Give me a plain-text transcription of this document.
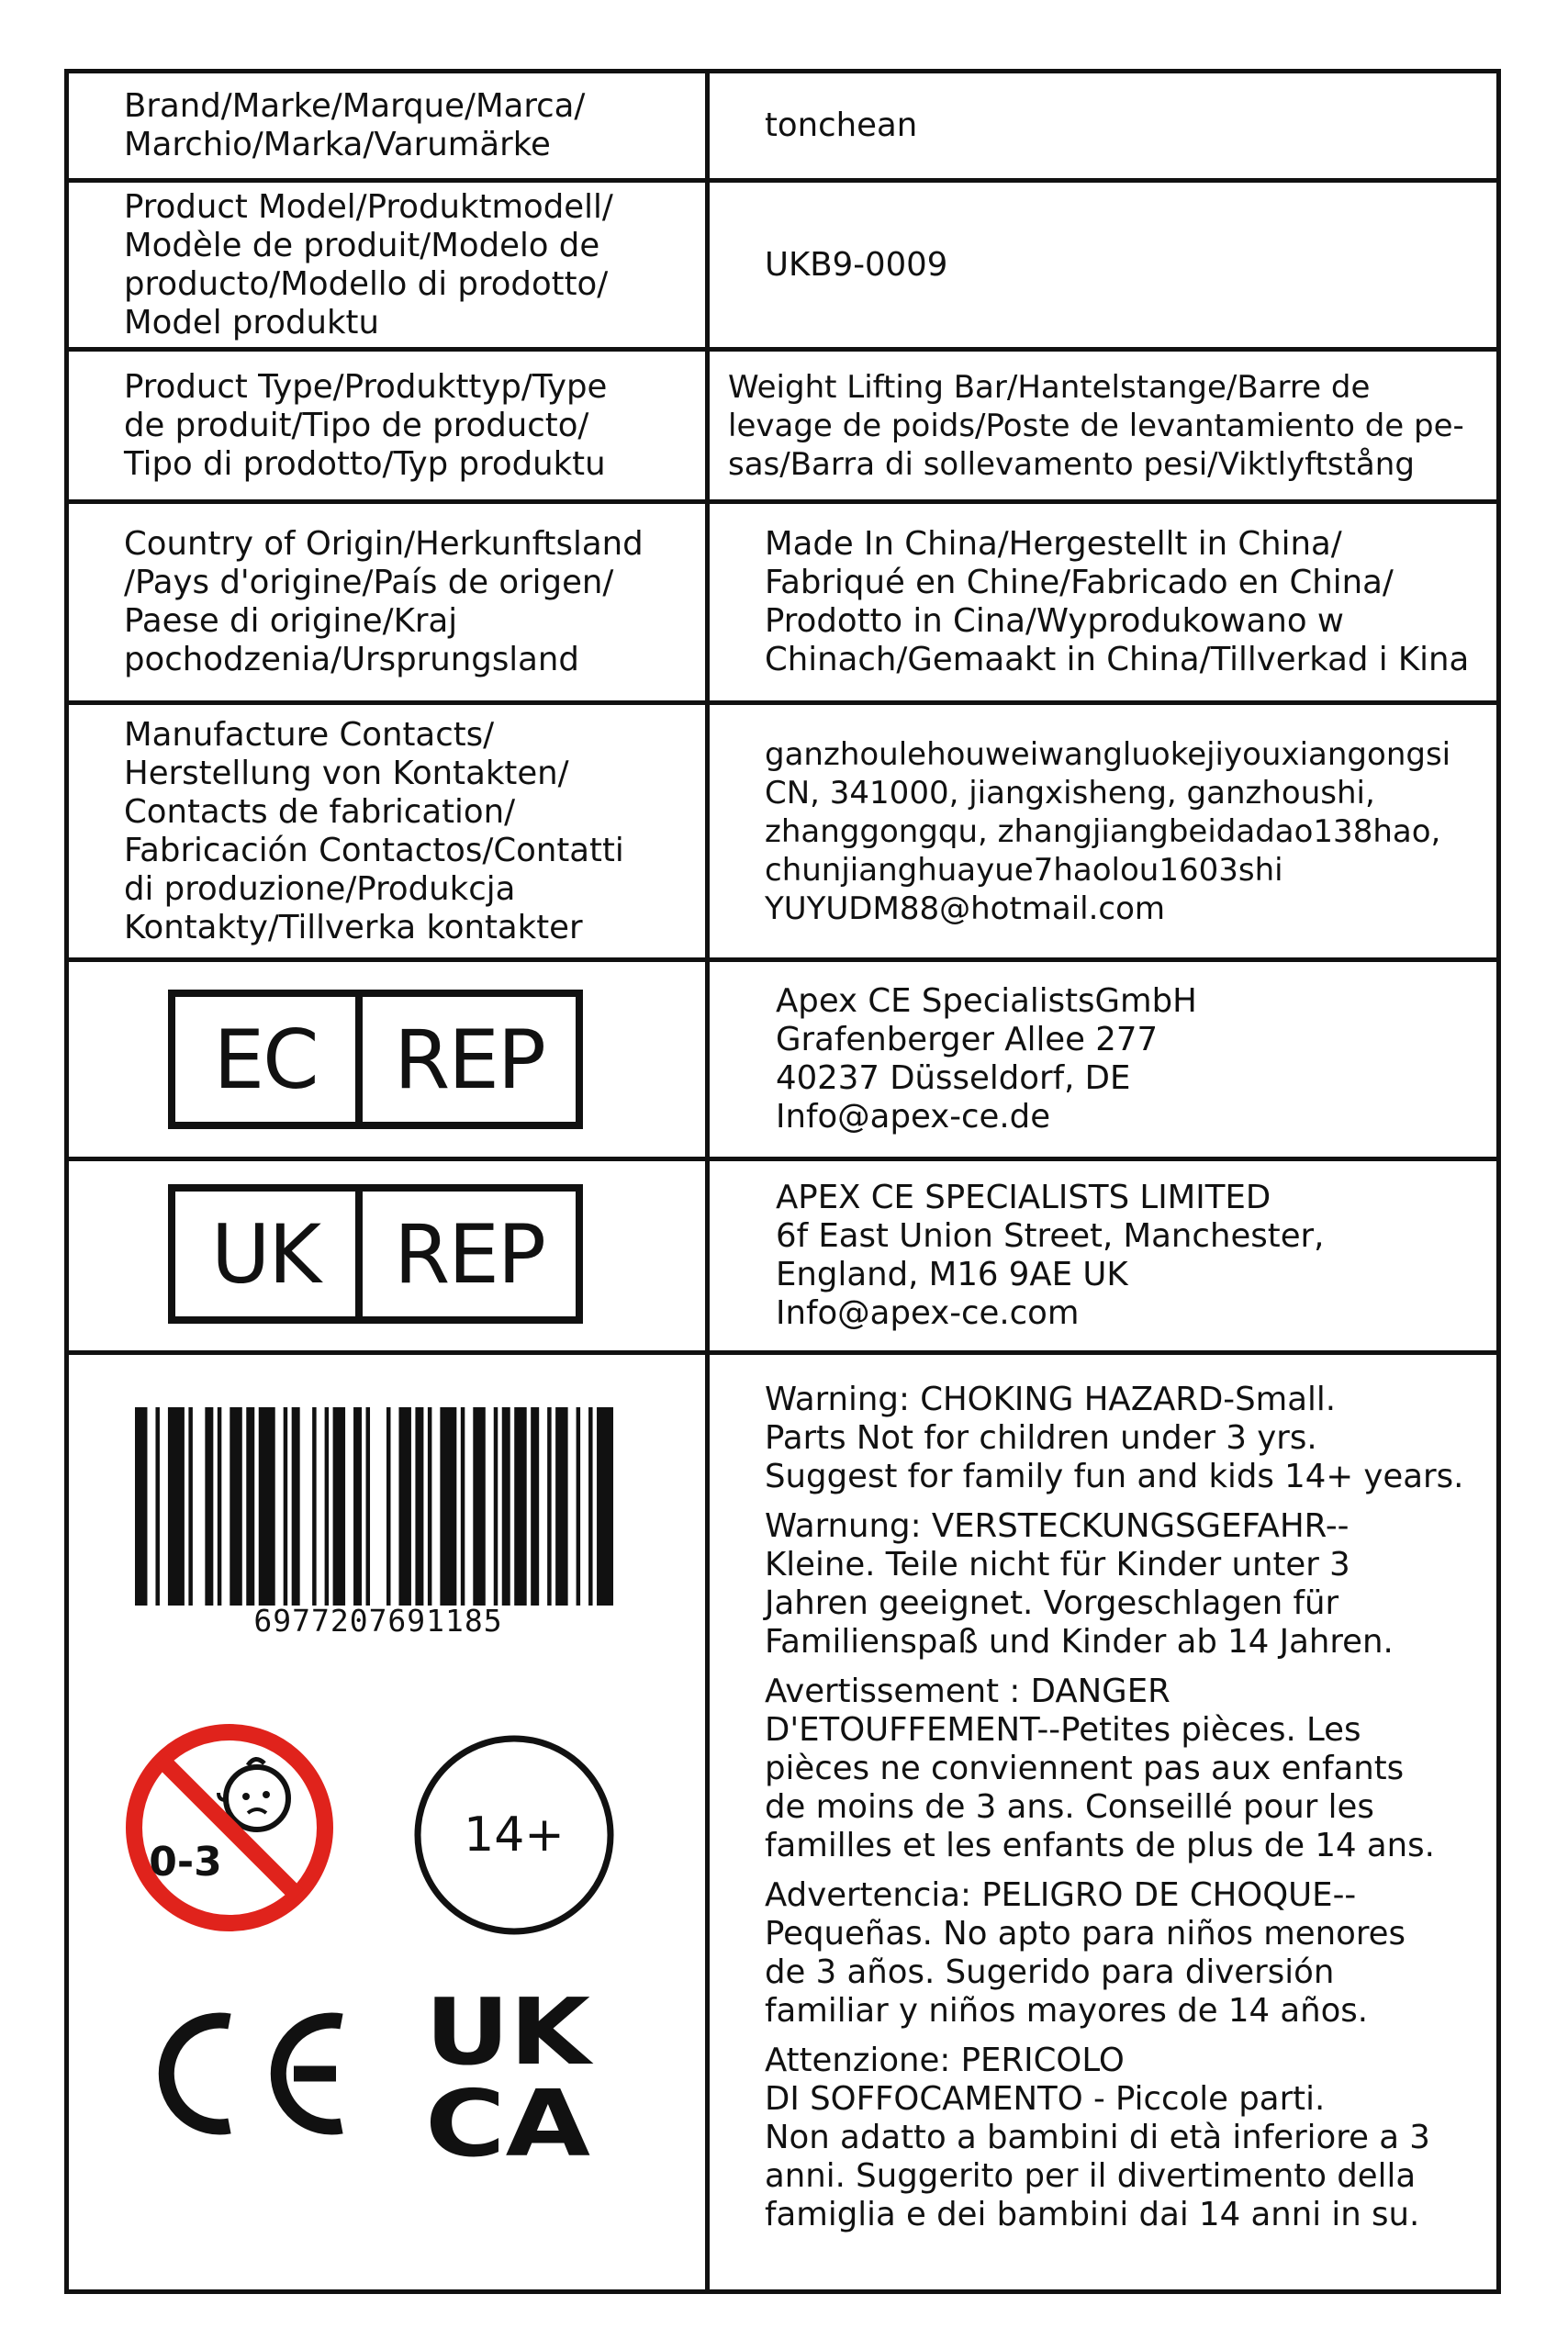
Brand/Marke/Marque/Marca/
Marchio/Marka/Varumärke
tonchean
Product Model/Produktmodell/
Modèle de produit/Modelo de
producto/Modello di prodotto/
Model produktu
UKB9-0009
Product Type/Produkttyp/Type
de produit/Tipo de producto/
Tipo di prodotto/Typ produktu
Weight Lifting Bar/Hantelstange/Barre de
levage de poids/Poste de levantamiento de pe-
sas/Barra di sollevamento pesi/Viktlyftstång
Country of Origin/Herkunftsland
/Pays d'origine/País de origen/
Paese di origine/Kraj
pochodzenia/Ursprungsland
Made In China/Hergestellt in China/
Fabriqué en Chine/Fabricado en China/
Prodotto in Cina/Wyprodukowano w
Chinach/Gemaakt in China/Tillverkad i Kina
Manufacture Contacts/
Herstellung von Kontakten/
Contacts de fabrication/
Fabricación Contactos/Contatti
di produzione/Produkcja
Kontakty/Tillverka kontakter
ganzhoulehouweiwangluokejiyouxiangongsi
CN, 341000, jiangxisheng, ganzhoushi,
zhanggongqu, zhangjiangbeidadao138hao,
chunjianghuayue7haolou1603shi
YUYUDM88@hotmail.com
EC REP
Apex CE SpecialistsGmbH
Grafenberger Allee 277
40237 Düsseldorf, DE
Info@apex-ce.de
UK REP
APEX CE SPECIALISTS LIMITED
6f East Union Street, Manchester,
England, M16 9AE UK
Info@apex-ce.com
6977207691185
0-3	14+
UK
CA
Warning: CHOKING HAZARD-Small.
Parts Not for children under 3 yrs.
Suggest for family fun and kids 14+ years.
Warnung: VERSTECKUNGSGEFAHR--
Kleine. Teile nicht für Kinder unter 3
Jahren geeignet. Vorgeschlagen für
Familienspaß und Kinder ab 14 Jahren.
Avertissement : DANGER
D'ETOUFFEMENT--Petites pièces. Les
pièces ne conviennent pas aux enfants
de moins de 3 ans. Conseillé pour les
familles et les enfants de plus de 14 ans.
Advertencia: PELIGRO DE CHOQUE--
Pequeñas. No apto para niños menores
de 3 años. Sugerido para diversión
familiar y niños mayores de 14 años.
Attenzione: PERICOLO
DI SOFFOCAMENTO - Piccole parti.
Non adatto a bambini di età inferiore a 3
anni. Suggerito per il divertimento della
famiglia e dei bambini dai 14 anni in su.
